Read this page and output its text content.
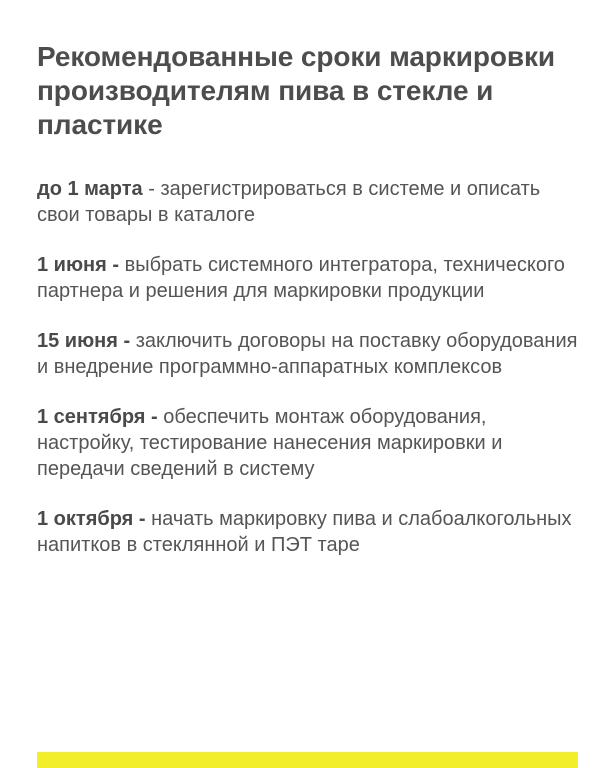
Рекомендованные сроки маркировки производителям пива в стекле и пластике

до 1 марта - зарегистрироваться в системе и описать свои товары в каталоге

1 июня - выбрать системного интегратора, технического партнера и решения для маркировки продукции

15 июня - заключить договоры на поставку оборудования и внедрение программно-аппаратных комплексов

1 сентября - обеспечить монтаж оборудования, настройку, тестирование нанесения маркировки и передачи сведений в систему

1 октября - начать маркировку пива и слабоалкогольных напитков в стеклянной и ПЭТ таре
